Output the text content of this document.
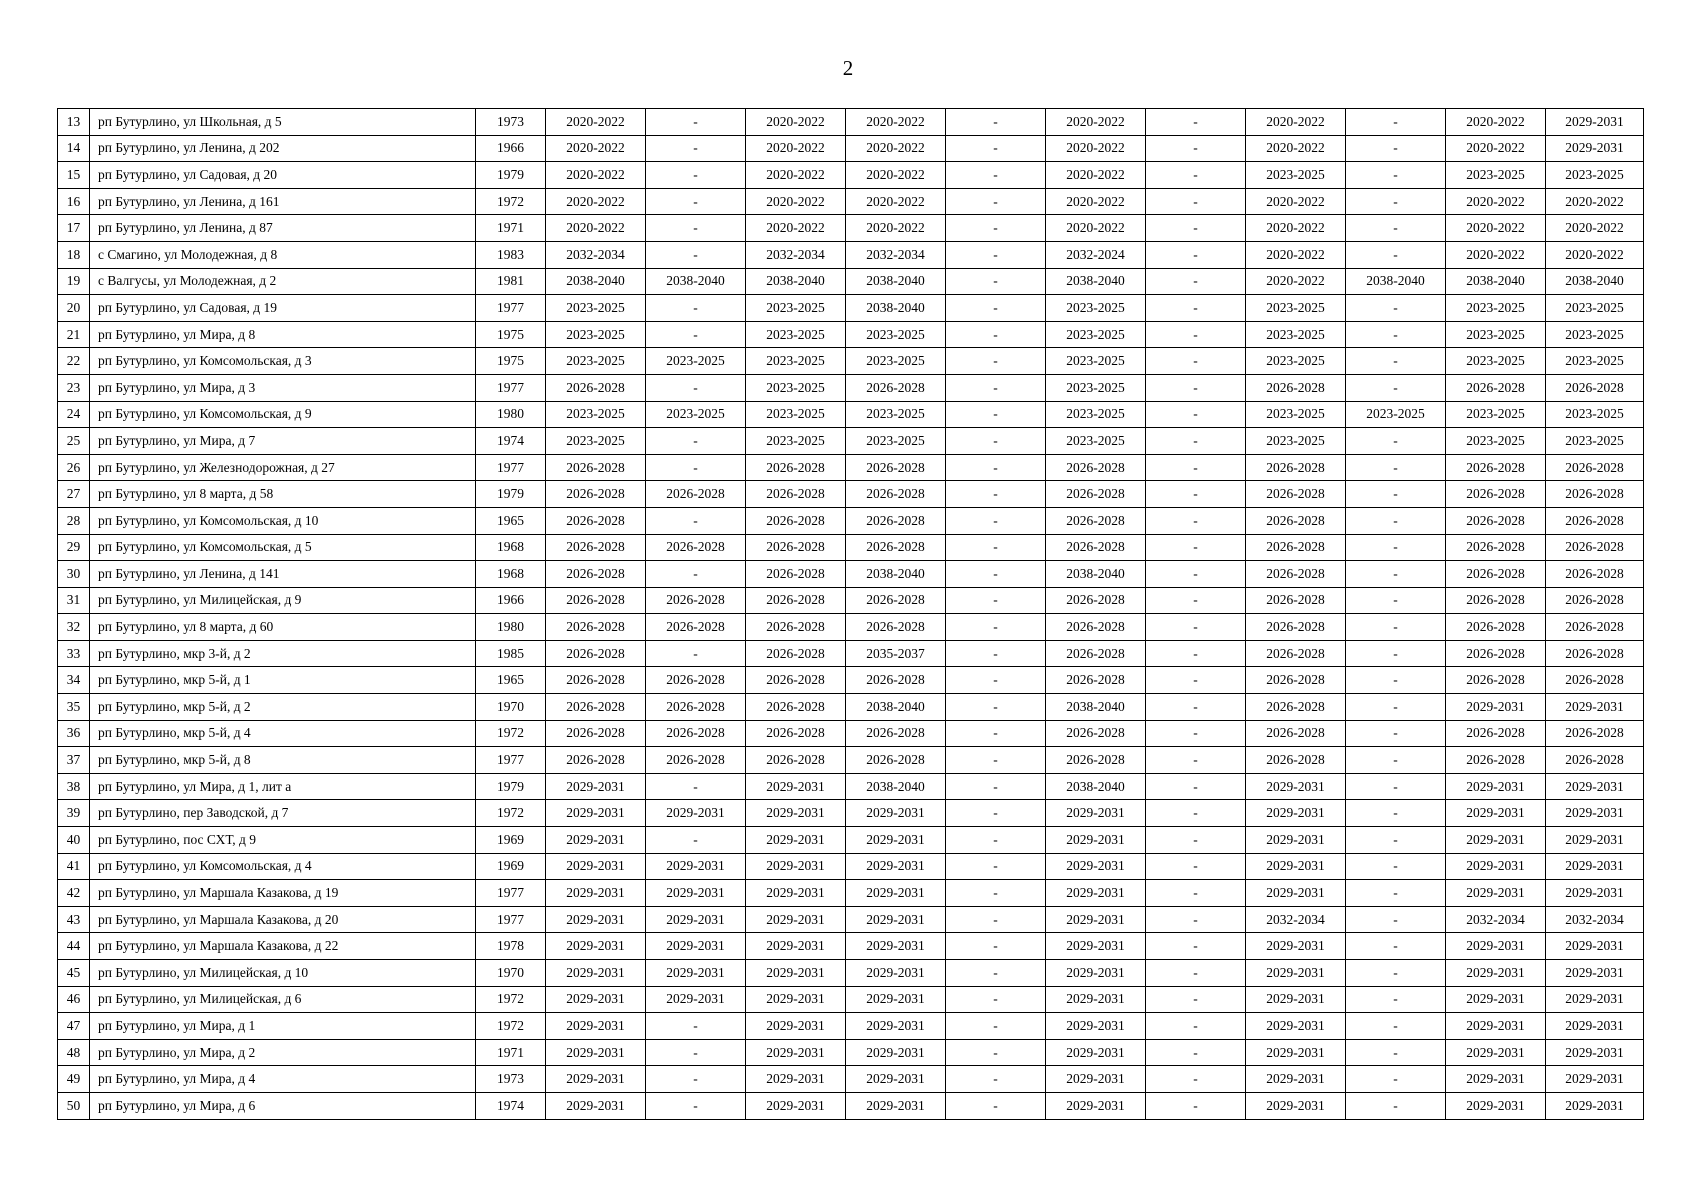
2
13	рп Бутурлино, ул Школьная, д 5	1973	2020-2022	-	2020-2022	2020-2022	-	2020-2022	-	2020-2022	-	2020-2022	2029-2031
14	рп Бутурлино, ул Ленина, д 202	1966	2020-2022	-	2020-2022	2020-2022	-	2020-2022	-	2020-2022	-	2020-2022	2029-2031
15	рп Бутурлино, ул Садовая, д 20	1979	2020-2022	-	2020-2022	2020-2022	-	2020-2022	-	2023-2025	-	2023-2025	2023-2025
16	рп Бутурлино, ул Ленина, д 161	1972	2020-2022	-	2020-2022	2020-2022	-	2020-2022	-	2020-2022	-	2020-2022	2020-2022
17	рп Бутурлино, ул Ленина, д 87	1971	2020-2022	-	2020-2022	2020-2022	-	2020-2022	-	2020-2022	-	2020-2022	2020-2022
18	с Смагино, ул Молодежная, д 8	1983	2032-2034	-	2032-2034	2032-2034	-	2032-2024	-	2020-2022	-	2020-2022	2020-2022
19	с Валгусы, ул Молодежная, д 2	1981	2038-2040	2038-2040	2038-2040	2038-2040	-	2038-2040	-	2020-2022	2038-2040	2038-2040	2038-2040
20	рп Бутурлино, ул Садовая, д 19	1977	2023-2025	-	2023-2025	2038-2040	-	2023-2025	-	2023-2025	-	2023-2025	2023-2025
21	рп Бутурлино, ул Мира, д 8	1975	2023-2025	-	2023-2025	2023-2025	-	2023-2025	-	2023-2025	-	2023-2025	2023-2025
22	рп Бутурлино, ул Комсомольская, д 3	1975	2023-2025	2023-2025	2023-2025	2023-2025	-	2023-2025	-	2023-2025	-	2023-2025	2023-2025
23	рп Бутурлино, ул Мира, д 3	1977	2026-2028	-	2023-2025	2026-2028	-	2023-2025	-	2026-2028	-	2026-2028	2026-2028
24	рп Бутурлино, ул Комсомольская, д 9	1980	2023-2025	2023-2025	2023-2025	2023-2025	-	2023-2025	-	2023-2025	2023-2025	2023-2025	2023-2025
25	рп Бутурлино, ул Мира, д 7	1974	2023-2025	-	2023-2025	2023-2025	-	2023-2025	-	2023-2025	-	2023-2025	2023-2025
26	рп Бутурлино, ул Железнодорожная, д 27	1977	2026-2028	-	2026-2028	2026-2028	-	2026-2028	-	2026-2028	-	2026-2028	2026-2028
27	рп Бутурлино, ул 8 марта, д 58	1979	2026-2028	2026-2028	2026-2028	2026-2028	-	2026-2028	-	2026-2028	-	2026-2028	2026-2028
28	рп Бутурлино, ул Комсомольская, д 10	1965	2026-2028	-	2026-2028	2026-2028	-	2026-2028	-	2026-2028	-	2026-2028	2026-2028
29	рп Бутурлино, ул Комсомольская, д 5	1968	2026-2028	2026-2028	2026-2028	2026-2028	-	2026-2028	-	2026-2028	-	2026-2028	2026-2028
30	рп Бутурлино, ул Ленина, д 141	1968	2026-2028	-	2026-2028	2038-2040	-	2038-2040	-	2026-2028	-	2026-2028	2026-2028
31	рп Бутурлино, ул Милицейская, д 9	1966	2026-2028	2026-2028	2026-2028	2026-2028	-	2026-2028	-	2026-2028	-	2026-2028	2026-2028
32	рп Бутурлино, ул 8 марта, д 60	1980	2026-2028	2026-2028	2026-2028	2026-2028	-	2026-2028	-	2026-2028	-	2026-2028	2026-2028
33	рп Бутурлино, мкр 3-й, д 2	1985	2026-2028	-	2026-2028	2035-2037	-	2026-2028	-	2026-2028	-	2026-2028	2026-2028
34	рп Бутурлино, мкр 5-й, д 1	1965	2026-2028	2026-2028	2026-2028	2026-2028	-	2026-2028	-	2026-2028	-	2026-2028	2026-2028
35	рп Бутурлино, мкр 5-й, д 2	1970	2026-2028	2026-2028	2026-2028	2038-2040	-	2038-2040	-	2026-2028	-	2029-2031	2029-2031
36	рп Бутурлино, мкр 5-й, д 4	1972	2026-2028	2026-2028	2026-2028	2026-2028	-	2026-2028	-	2026-2028	-	2026-2028	2026-2028
37	рп Бутурлино, мкр 5-й, д 8	1977	2026-2028	2026-2028	2026-2028	2026-2028	-	2026-2028	-	2026-2028	-	2026-2028	2026-2028
38	рп Бутурлино, ул Мира, д 1, лит а	1979	2029-2031	-	2029-2031	2038-2040	-	2038-2040	-	2029-2031	-	2029-2031	2029-2031
39	рп Бутурлино, пер Заводской, д 7	1972	2029-2031	2029-2031	2029-2031	2029-2031	-	2029-2031	-	2029-2031	-	2029-2031	2029-2031
40	рп Бутурлино, пос СХТ, д 9	1969	2029-2031	-	2029-2031	2029-2031	-	2029-2031	-	2029-2031	-	2029-2031	2029-2031
41	рп Бутурлино, ул Комсомольская, д 4	1969	2029-2031	2029-2031	2029-2031	2029-2031	-	2029-2031	-	2029-2031	-	2029-2031	2029-2031
42	рп Бутурлино, ул Маршала Казакова, д 19	1977	2029-2031	2029-2031	2029-2031	2029-2031	-	2029-2031	-	2029-2031	-	2029-2031	2029-2031
43	рп Бутурлино, ул Маршала Казакова, д 20	1977	2029-2031	2029-2031	2029-2031	2029-2031	-	2029-2031	-	2032-2034	-	2032-2034	2032-2034
44	рп Бутурлино, ул Маршала Казакова, д 22	1978	2029-2031	2029-2031	2029-2031	2029-2031	-	2029-2031	-	2029-2031	-	2029-2031	2029-2031
45	рп Бутурлино, ул Милицейская, д 10	1970	2029-2031	2029-2031	2029-2031	2029-2031	-	2029-2031	-	2029-2031	-	2029-2031	2029-2031
46	рп Бутурлино, ул Милицейская, д 6	1972	2029-2031	2029-2031	2029-2031	2029-2031	-	2029-2031	-	2029-2031	-	2029-2031	2029-2031
47	рп Бутурлино, ул Мира, д 1	1972	2029-2031	-	2029-2031	2029-2031	-	2029-2031	-	2029-2031	-	2029-2031	2029-2031
48	рп Бутурлино, ул Мира, д 2	1971	2029-2031	-	2029-2031	2029-2031	-	2029-2031	-	2029-2031	-	2029-2031	2029-2031
49	рп Бутурлино, ул Мира, д 4	1973	2029-2031	-	2029-2031	2029-2031	-	2029-2031	-	2029-2031	-	2029-2031	2029-2031
50	рп Бутурлино, ул Мира, д 6	1974	2029-2031	-	2029-2031	2029-2031	-	2029-2031	-	2029-2031	-	2029-2031	2029-2031
